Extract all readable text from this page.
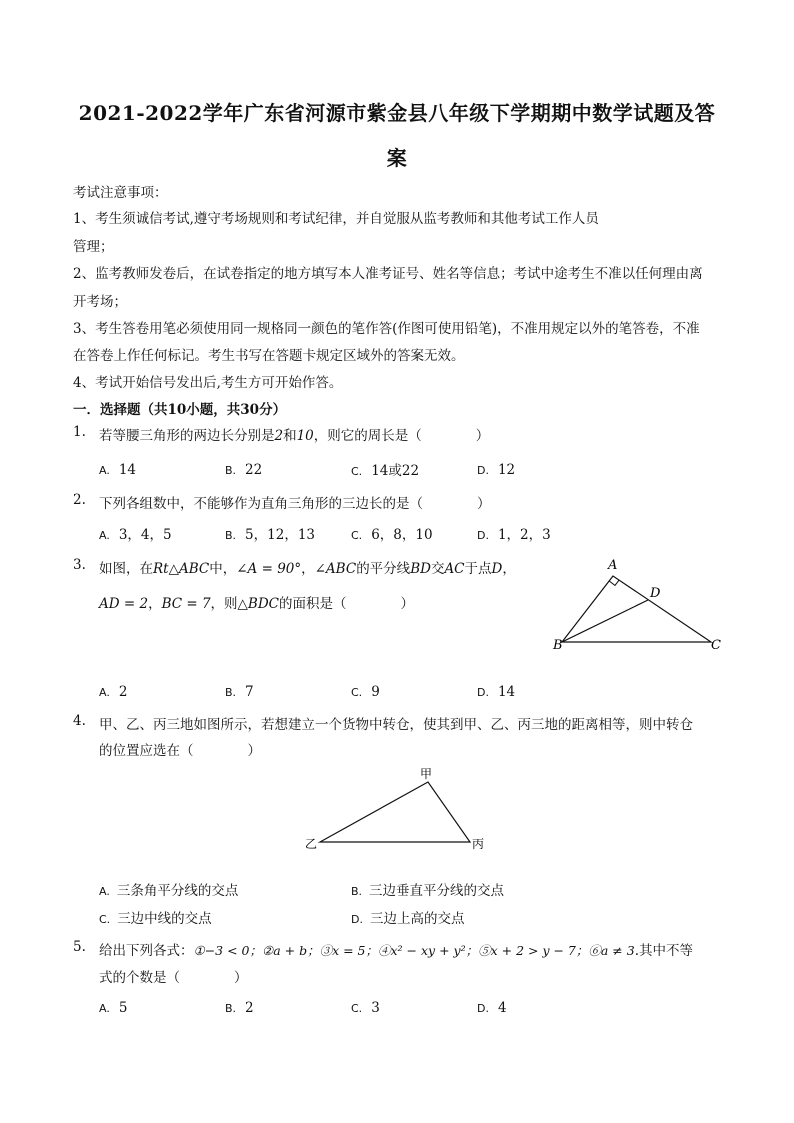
2021-2022学年广东省河源市紫金县八年级下学期期中数学试题及答
案
考试注意事项：
1、考生须诚信考试,遵守考场规则和考试纪律，并自觉服从监考教师和其他考试工作人员
管理；
2、监考教师发卷后，在试卷指定的地方填写本人准考证号、姓名等信息；考试中途考生不准以任何理由离
开考场；
3、考生答卷用笔必须使用同一规格同一颜色的笔作答(作图可使用铅笔)，不准用规定以外的笔答卷，不准
在答卷上作任何标记。考生书写在答题卡规定区域外的答案无效。
4、考试开始信号发出后,考生方可开始作答。
一．选择题（共10小题，共30分）
1. 若等腰三角形的两边长分别是2和10，则它的周长是（　　　　）
A. 14	B. 22	C. 14或22	D. 12
2. 下列各组数中，不能够作为直角三角形的三边长的是（　　　　）
A. 3，4，5	B. 5，12，13	C. 6，8，10	D. 1，2，3
3. 如图，在Rt△ABC中，∠A = 90°，∠ABC的平分线BD交AC于点D，
AD = 2，BC = 7，则△BDC的面积是（　　　　）
A
B	C
D
A. 2	B. 7	C. 9	D. 14
4. 甲、乙、丙三地如图所示，若想建立一个货物中转仓，使其到甲、乙、丙三地的距离相等，则中转仓
的位置应选在（　　　　）
甲
乙	丙
A. 三条角平分线的交点	B. 三边垂直平分线的交点
C. 三边中线的交点	D. 三边上高的交点
5. 给出下列各式：①−3 < 0；②a + b；③x = 5；④x² − xy + y²；⑤x + 2 > y − 7；⑥a ≠ 3.其中不等
式的个数是（　　　　）
A. 5	B. 2	C. 3	D. 4
